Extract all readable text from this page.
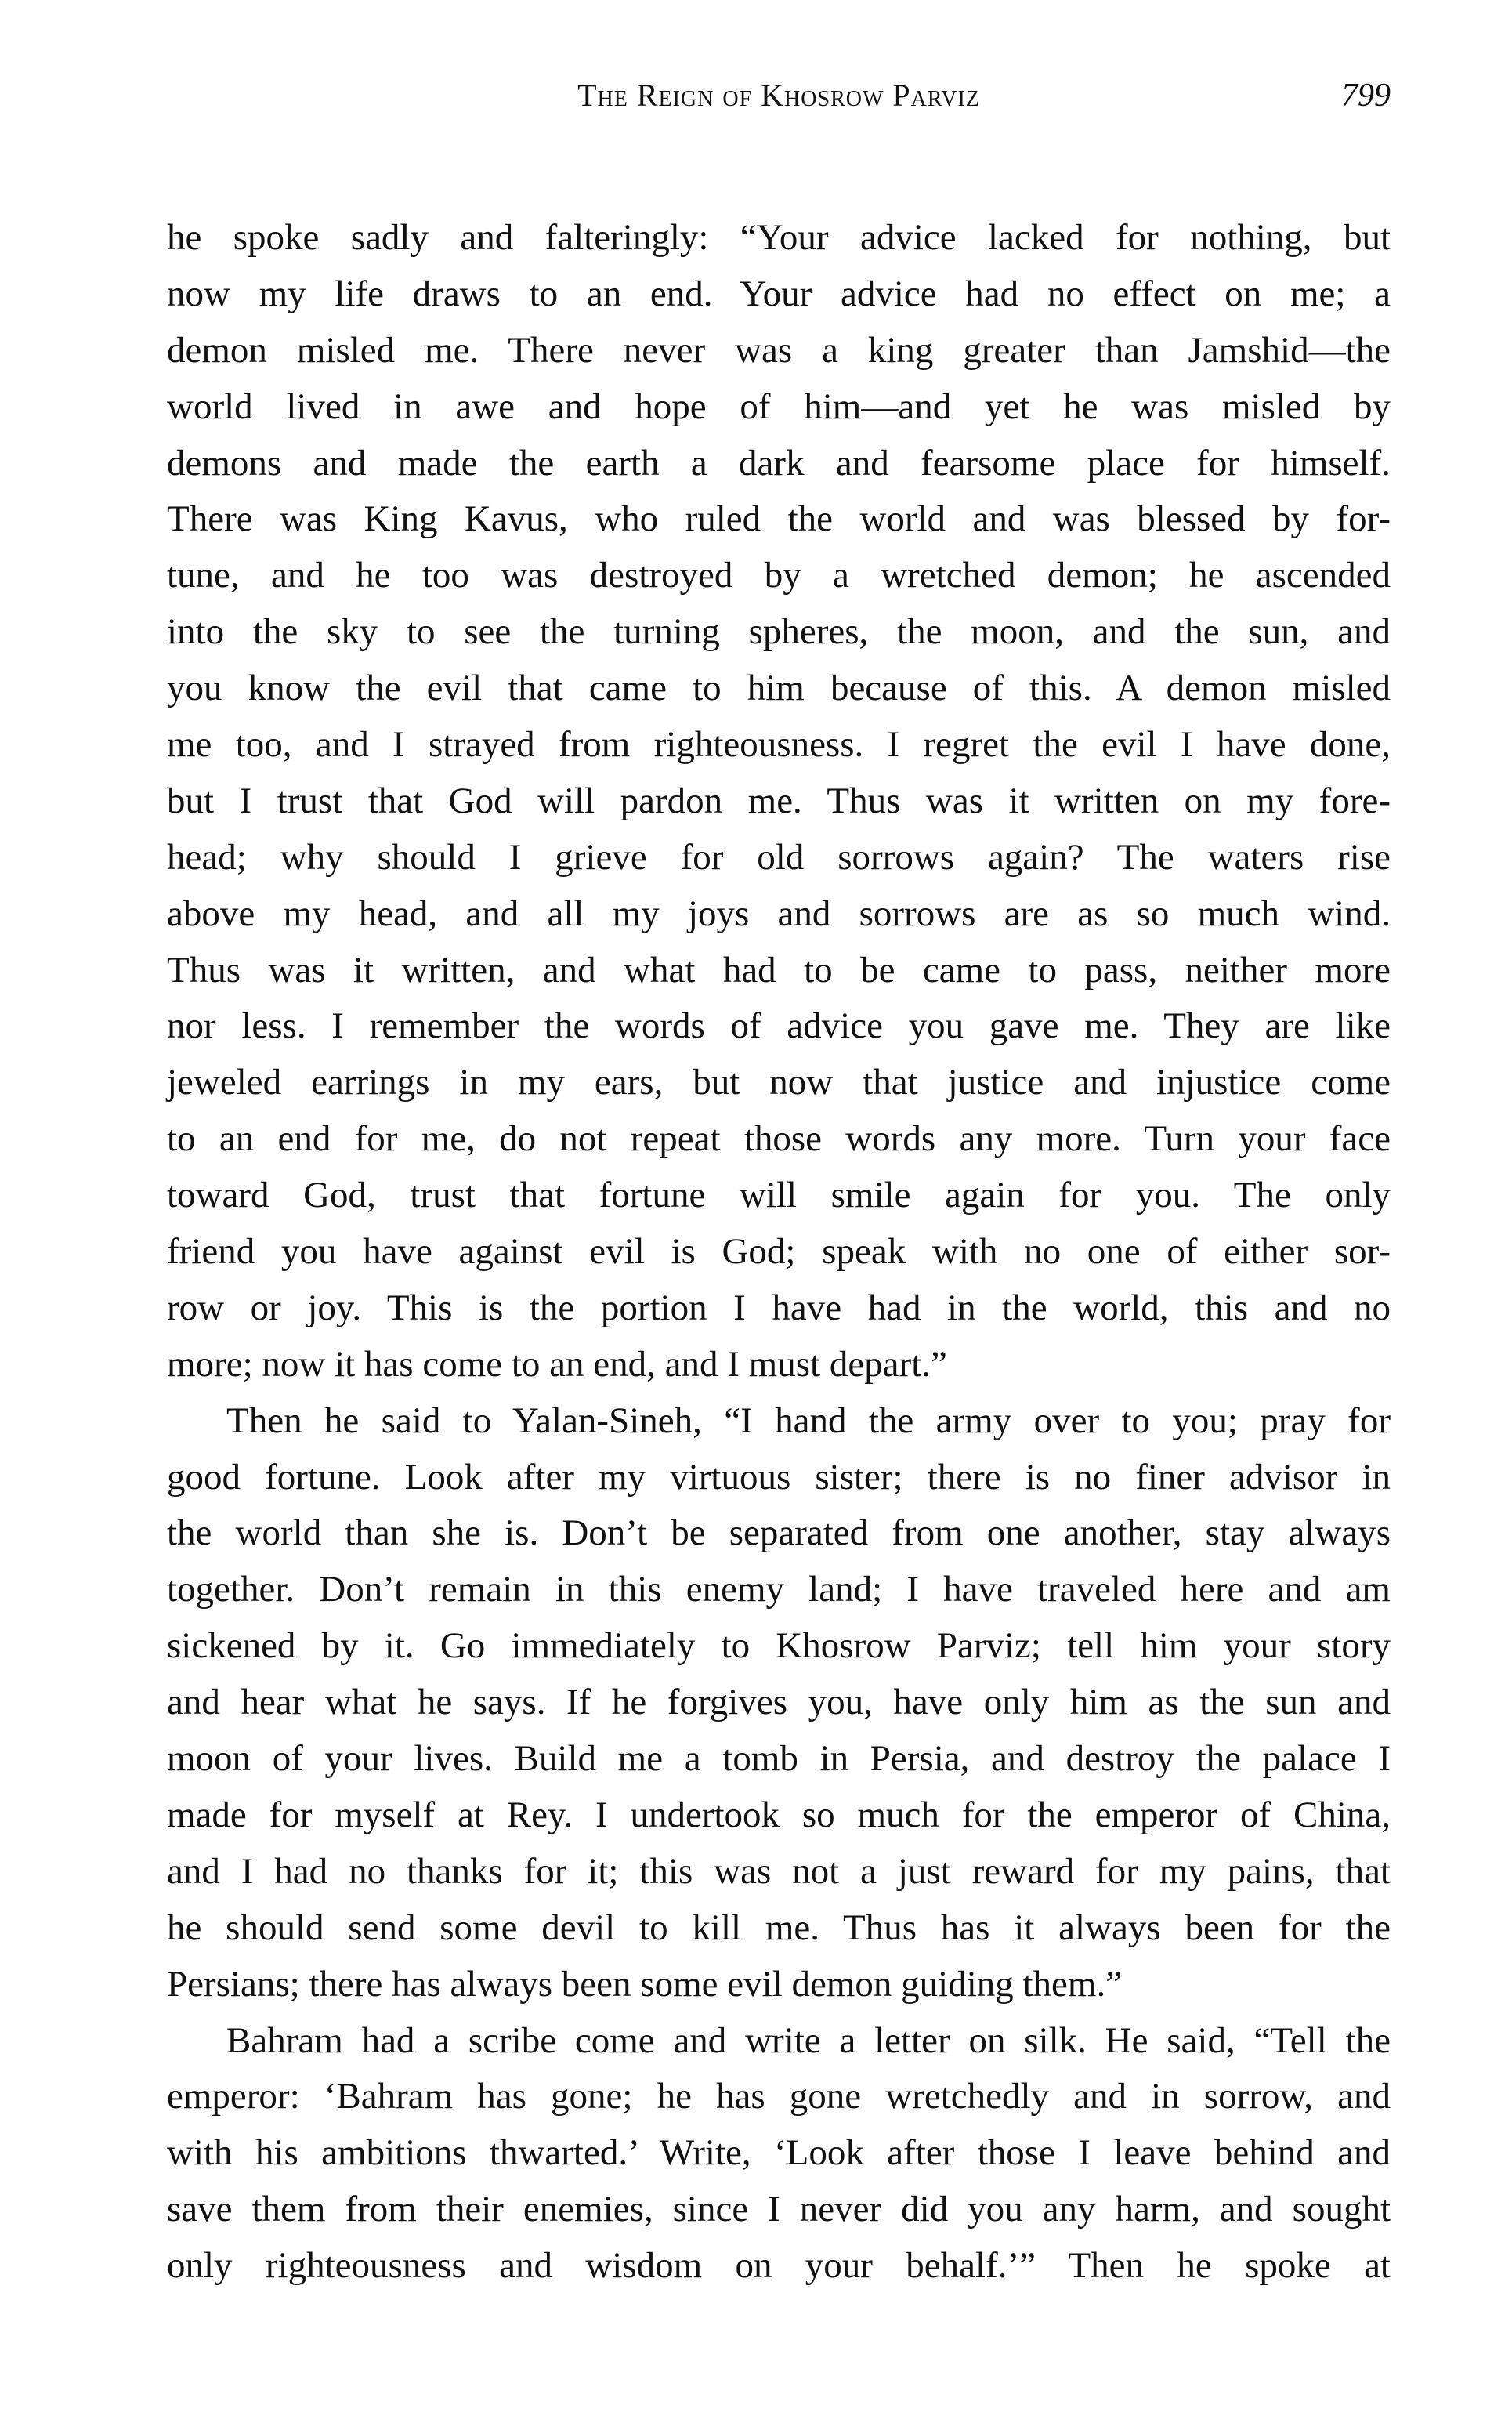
The Reign of Khosrow Parviz	799
he spoke sadly and falteringly: “Your advice lacked for nothing, but
now my life draws to an end. Your advice had no effect on me; a
demon misled me. There never was a king greater than Jamshid—the
world lived in awe and hope of him—and yet he was misled by
demons and made the earth a dark and fearsome place for himself.
There was King Kavus, who ruled the world and was blessed by for-
tune, and he too was destroyed by a wretched demon; he ascended
into the sky to see the turning spheres, the moon, and the sun, and
you know the evil that came to him because of this. A demon misled
me too, and I strayed from righteousness. I regret the evil I have done,
but I trust that God will pardon me. Thus was it written on my fore-
head; why should I grieve for old sorrows again? The waters rise
above my head, and all my joys and sorrows are as so much wind.
Thus was it written, and what had to be came to pass, neither more
nor less. I remember the words of advice you gave me. They are like
jeweled earrings in my ears, but now that justice and injustice come
to an end for me, do not repeat those words any more. Turn your face
toward God, trust that fortune will smile again for you. The only
friend you have against evil is God; speak with no one of either sor-
row or joy. This is the portion I have had in the world, this and no
more; now it has come to an end, and I must depart.”
Then he said to Yalan-Sineh, “I hand the army over to you; pray for
good fortune. Look after my virtuous sister; there is no finer advisor in
the world than she is. Don’t be separated from one another, stay always
together. Don’t remain in this enemy land; I have traveled here and am
sickened by it. Go immediately to Khosrow Parviz; tell him your story
and hear what he says. If he forgives you, have only him as the sun and
moon of your lives. Build me a tomb in Persia, and destroy the palace I
made for myself at Rey. I undertook so much for the emperor of China,
and I had no thanks for it; this was not a just reward for my pains, that
he should send some devil to kill me. Thus has it always been for the
Persians; there has always been some evil demon guiding them.”
Bahram had a scribe come and write a letter on silk. He said, “Tell the
emperor: ‘Bahram has gone; he has gone wretchedly and in sorrow, and
with his ambitions thwarted.’ Write, ‘Look after those I leave behind and
save them from their enemies, since I never did you any harm, and sought
only righteousness and wisdom on your behalf.’” Then he spoke at
